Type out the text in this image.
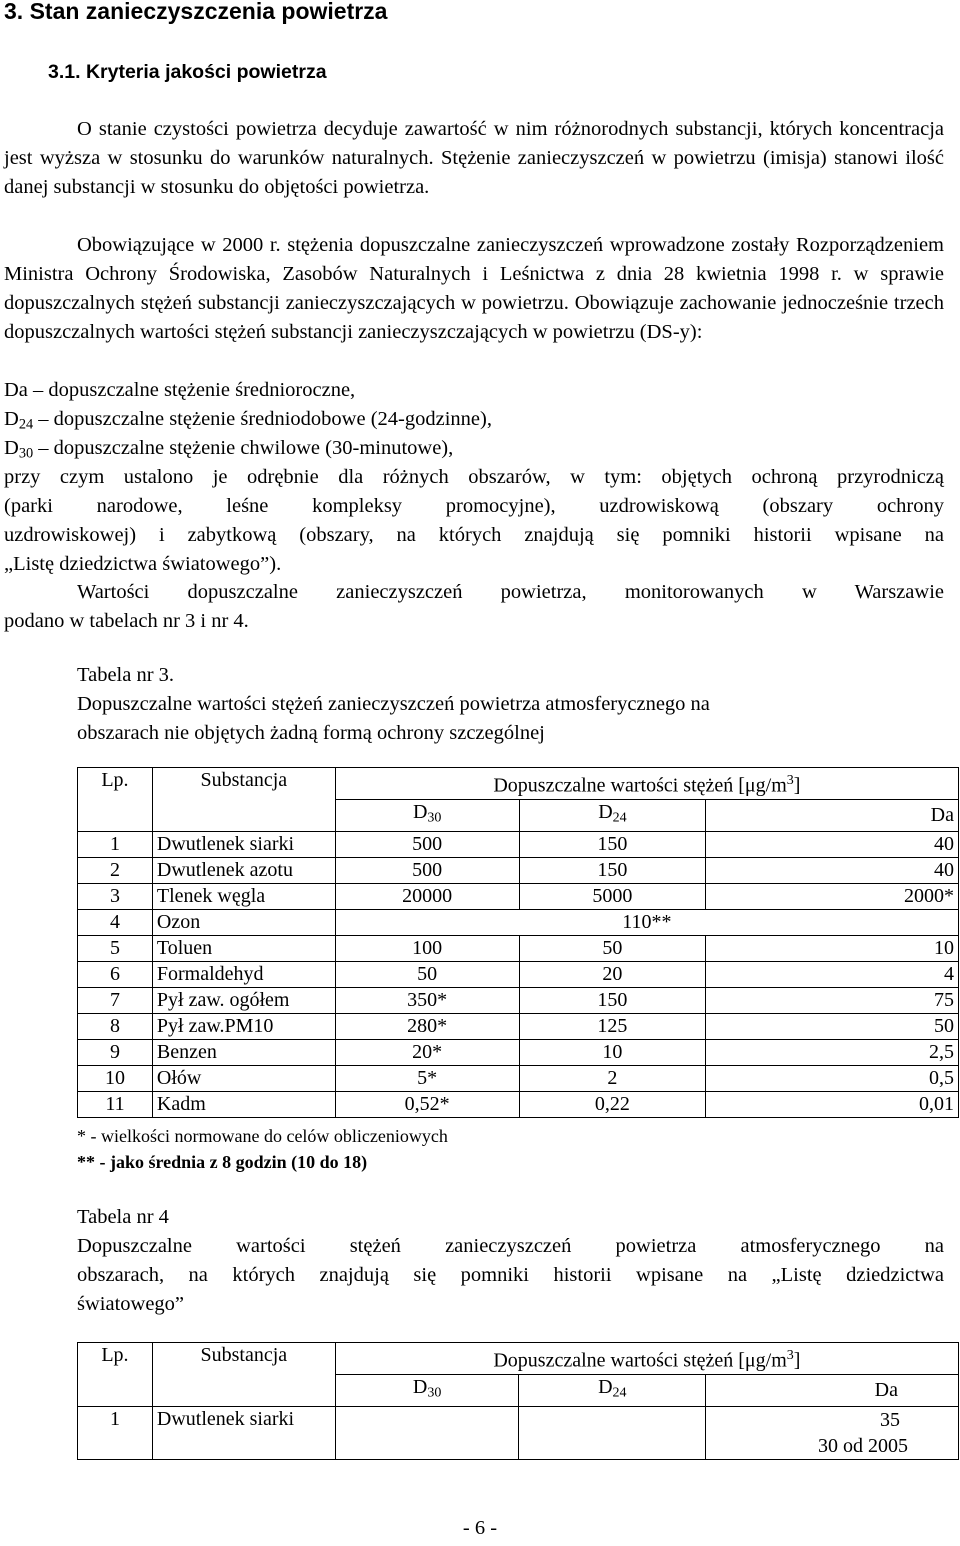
3. Stan zanieczyszczenia powietrza
3.1. Kryteria jakości powietrza

O stanie czystości powietrza decyduje zawartość w nim różnorodnych substancji, których koncentracja jest wyższa w stosunku do warunków naturalnych. Stężenie zanieczyszczeń w powietrzu (imisja) stanowi ilość danej substancji w stosunku do objętości powietrza.

Obowiązujące w 2000 r. stężenia dopuszczalne zanieczyszczeń wprowadzone zostały Rozporządzeniem Ministra Ochrony Środowiska, Zasobów Naturalnych i Leśnictwa z dnia 28 kwietnia 1998 r. w sprawie dopuszczalnych stężeń substancji zanieczyszczających w powietrzu. Obowiązuje zachowanie jednocześnie trzech dopuszczalnych wartości stężeń substancji zanieczyszczających w powietrzu (DS-y):

Da – dopuszczalne stężenie średnioroczne,
$D_{24}$ – dopuszczalne stężenie średniodobowe (24-godzinne),
$D_{30}$ – dopuszczalne stężenie chwilowe (30-minutowe),
przy czym ustalono je odrębnie dla różnych obszarów, w tym: objętych ochroną przyrodniczą
(parki narodowe, leśne kompleksy promocyjne), uzdrowiskową (obszary ochrony
uzdrowiskowej) i zabytkową (obszary, na których znajdują się pomniki historii wpisane na
„Listę dziedzictwa światowego”).
Wartości dopuszczalne zanieczyszczeń powietrza, monitorowanych w Warszawie
podano w tabelach nr 3 i nr 4.
Tabela nr 3.
Dopuszczalne wartości stężeń zanieczyszczeń powietrza atmosferycznego na
obszarach nie objętych żadną formą ochrony szczególnej
Lp.	Substancja	Dopuszczalne wartości stężeń $[\mu g/m^3]$		
		$D_{30}$	$D_{24}$	Da
1	Dwutlenek siarki	500	150	40
2	Dwutlenek azotu	500	150	40
3	Tlenek węgla	20000	5000	2000*
4	Ozon	110**		
5	Toluen	100	50	10
6	Formaldehyd	50	20	4
7	Pył zaw. ogółem	350*	150	75
8	Pył zaw.PM10	280*	125	50
9	Benzen	20*	10	2,5
10	Ołów	5*	2	0,5
11	Kadm	0,52*	0,22	0,01
* - wielkości normowane do celów obliczeniowych
** - jako średnia z 8 godzin (10 do 18)
Tabela nr 4
Dopuszczalne wartości stężeń zanieczyszczeń powietrza atmosferycznego na
obszarach, na których znajdują się pomniki historii wpisane na „Listę dziedzictwa
światowego”
Lp.	Substancja	Dopuszczalne wartości stężeń $[\mu g/m^3]$		
		$D_{30}$	$D_{24}$	Da
1	Dwutlenek siarki			35
30 od 2005
- 6 -
